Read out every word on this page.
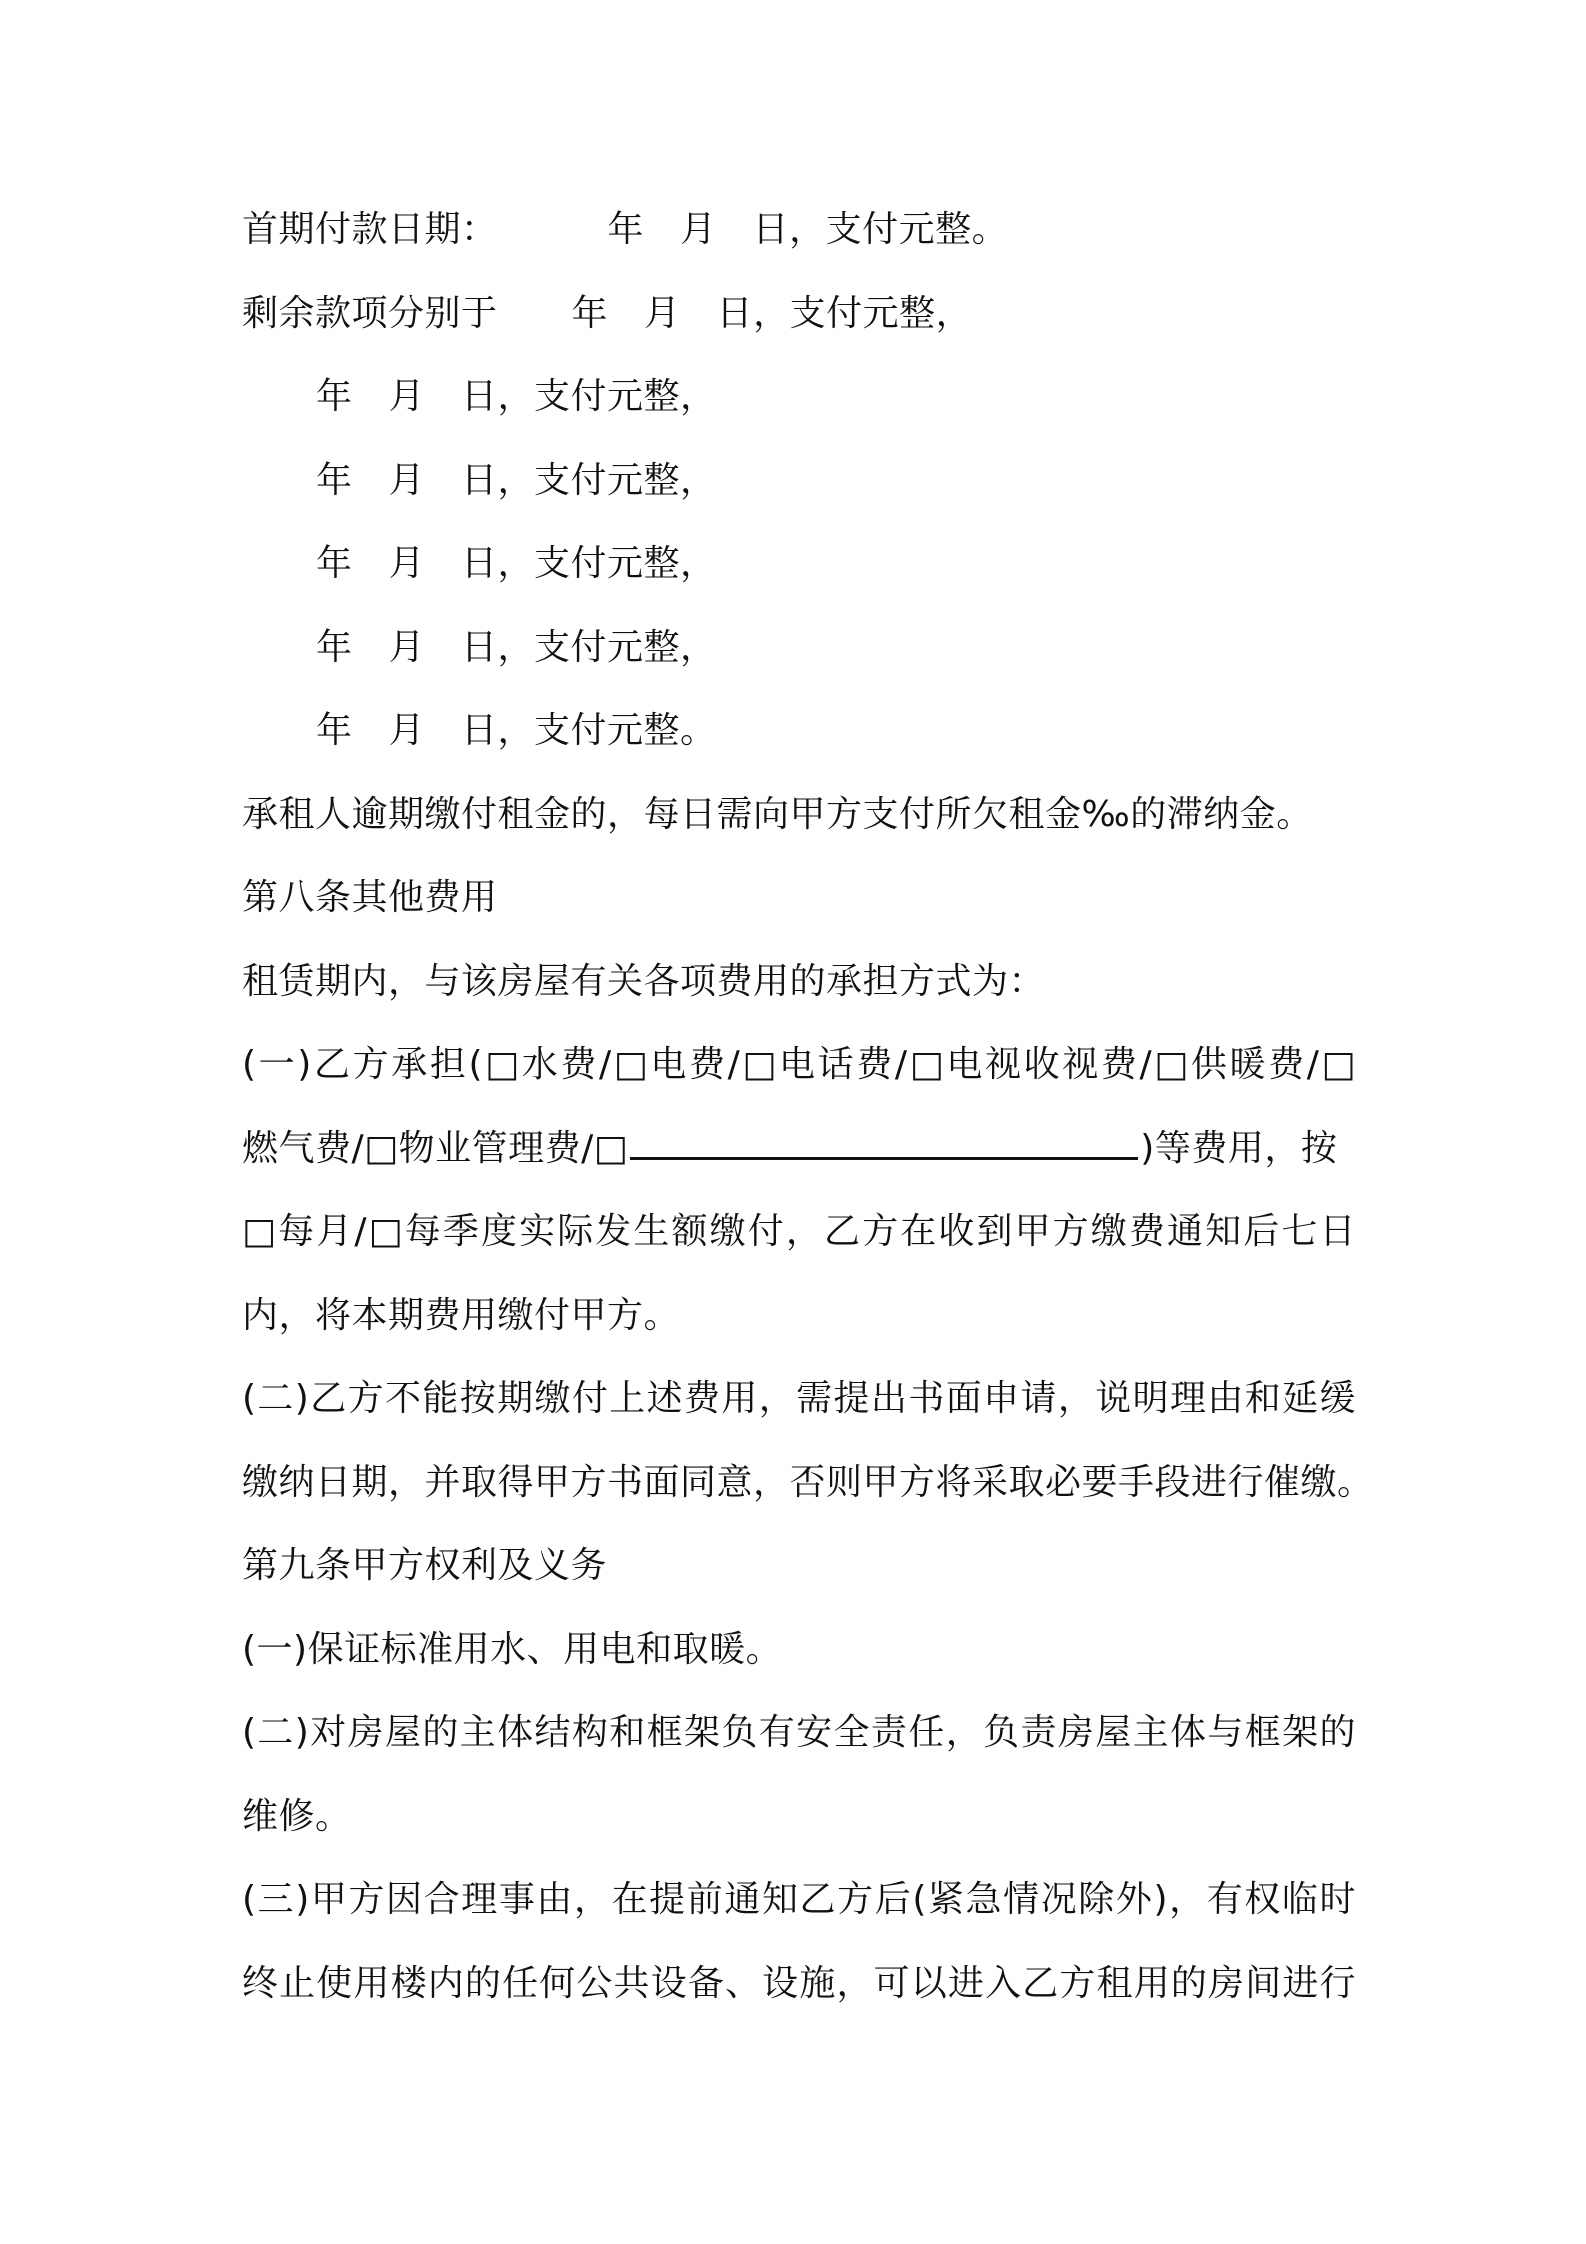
首期付款日期：	年 月 日，支付元整。
剩余款项分别于 年 月 日，支付元整，
年 月 日，支付元整，
年 月 日，支付元整，
年 月 日，支付元整，
年 月 日，支付元整，
年 月 日，支付元整。
承租人逾期缴付租金的，每日需向甲方支付所欠租金‰的滞纳金。
第八条其他费用
租赁期内，与该房屋有关各项费用的承担方式为：
(一)乙方承担(□水费/□电费/□电话费/□电视收视费/□供暖费/□
燃气费/□物业管理费/□	)等费用，按
□每月/□每季度实际发生额缴付，乙方在收到甲方缴费通知后七日
内，将本期费用缴付甲方。
(二)乙方不能按期缴付上述费用，需提出书面申请，说明理由和延缓
缴纳日期，并取得甲方书面同意，否则甲方将采取必要手段进行催缴。
第九条甲方权利及义务
(一)保证标准用水、用电和取暖。
(二)对房屋的主体结构和框架负有安全责任，负责房屋主体与框架的
维修。
(三)甲方因合理事由，在提前通知乙方后(紧急情况除外)，有权临时
终止使用楼内的任何公共设备、设施，可以进入乙方租用的房间进行
